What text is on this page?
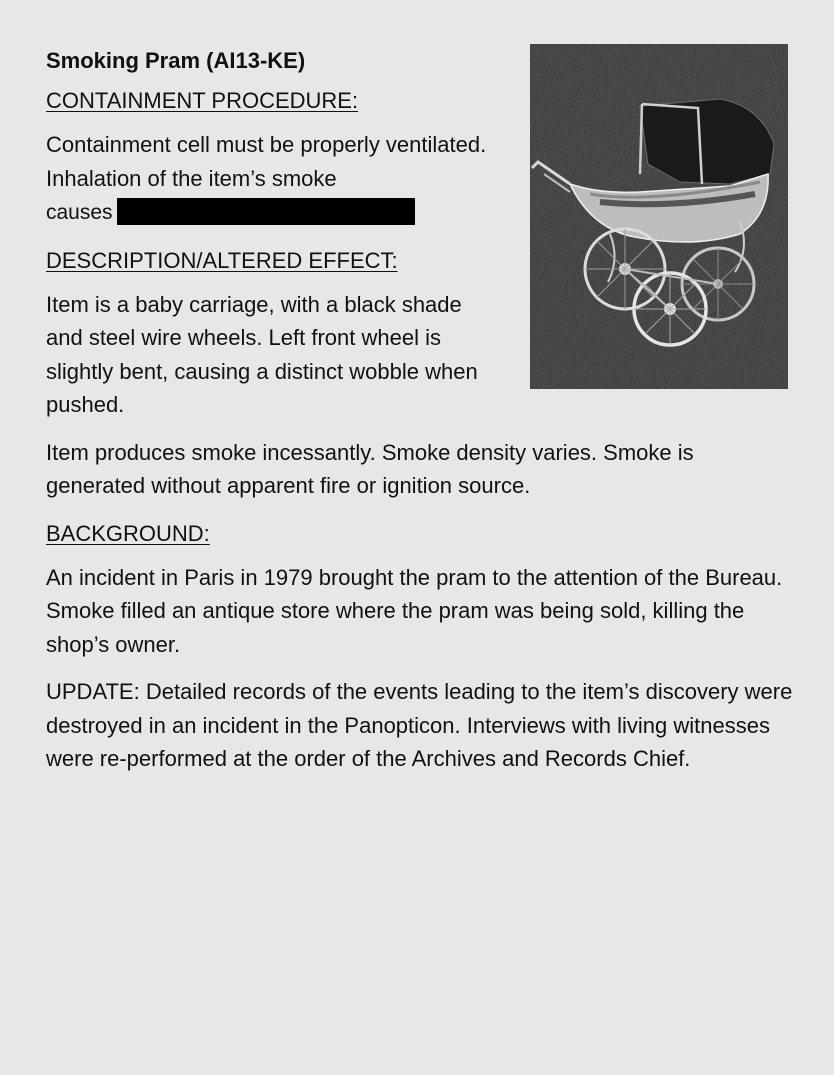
Smoking Pram (AI13-KE)
CONTAINMENT PROCEDURE:
Containment cell must be properly ventilated. Inhalation of the item’s smoke
causes
DESCRIPTION/ALTERED EFFECT:
Item is a baby carriage, with a black shade and steel wire wheels. Left front wheel is slightly bent, causing a distinct wobble when pushed.
Item produces smoke incessantly. Smoke density varies. Smoke is generated without apparent fire or ignition source.
BACKGROUND:
An incident in Paris in 1979 brought the pram to the attention of the Bureau. Smoke filled an antique store where the pram was being sold, killing the shop’s owner.
UPDATE: Detailed records of the events leading to the item’s discovery were destroyed in an incident in the Panopticon. Interviews with living witnesses were re-performed at the order of the Archives and Records Chief.
